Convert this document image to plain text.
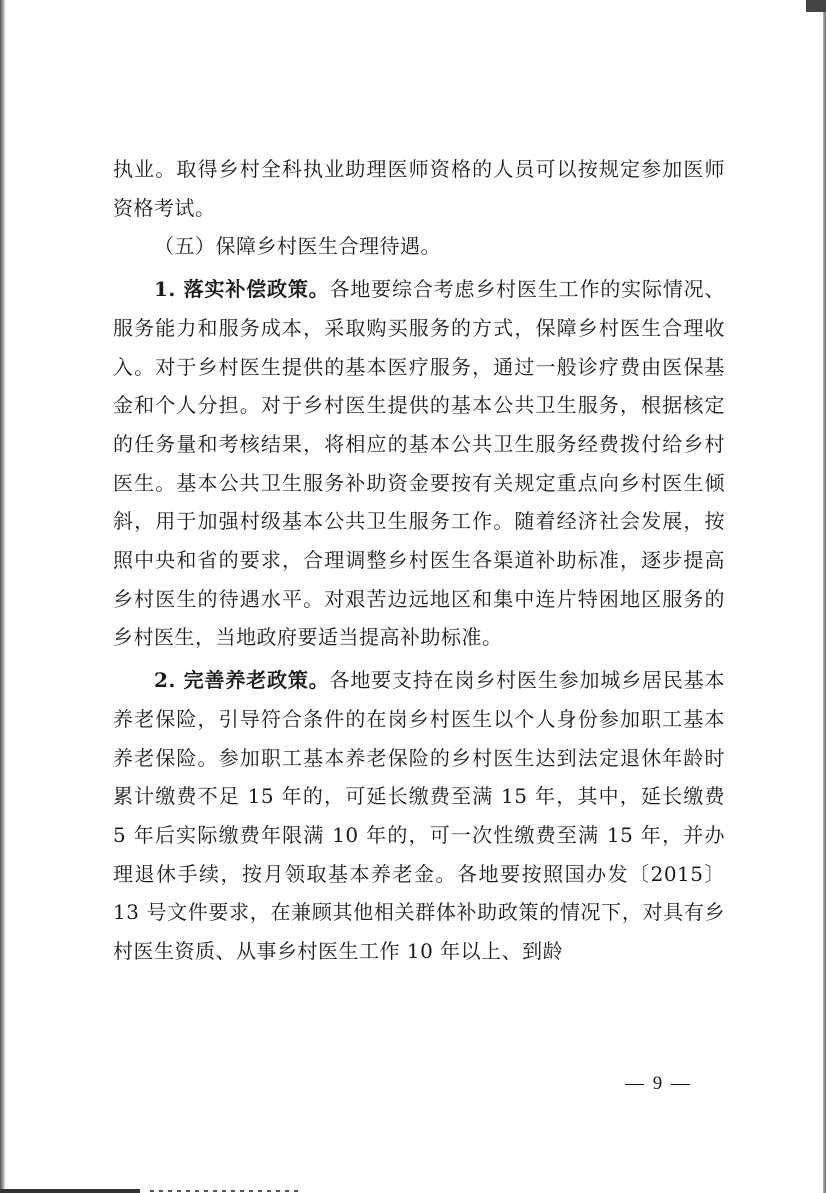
执业。取得乡村全科执业助理医师资格的人员可以按规定参加医师资格考试。

（五）保障乡村医生合理待遇。

1. 落实补偿政策。各地要综合考虑乡村医生工作的实际情况、服务能力和服务成本，采取购买服务的方式，保障乡村医生合理收入。对于乡村医生提供的基本医疗服务，通过一般诊疗费由医保基金和个人分担。对于乡村医生提供的基本公共卫生服务，根据核定的任务量和考核结果，将相应的基本公共卫生服务经费拨付给乡村医生。基本公共卫生服务补助资金要按有关规定重点向乡村医生倾斜，用于加强村级基本公共卫生服务工作。随着经济社会发展，按照中央和省的要求，合理调整乡村医生各渠道补助标准，逐步提高乡村医生的待遇水平。对艰苦边远地区和集中连片特困地区服务的乡村医生，当地政府要适当提高补助标准。

2. 完善养老政策。各地要支持在岗乡村医生参加城乡居民基本养老保险，引导符合条件的在岗乡村医生以个人身份参加职工基本养老保险。参加职工基本养老保险的乡村医生达到法定退休年龄时累计缴费不足 15 年的，可延长缴费至满 15 年，其中，延长缴费 5 年后实际缴费年限满 10 年的，可一次性缴费至满 15 年，并办理退休手续，按月领取基本养老金。各地要按照国办发〔2015〕13 号文件要求，在兼顾其他相关群体补助政策的情况下，对具有乡村医生资质、从事乡村医生工作 10 年以上、到龄

— 9 —
